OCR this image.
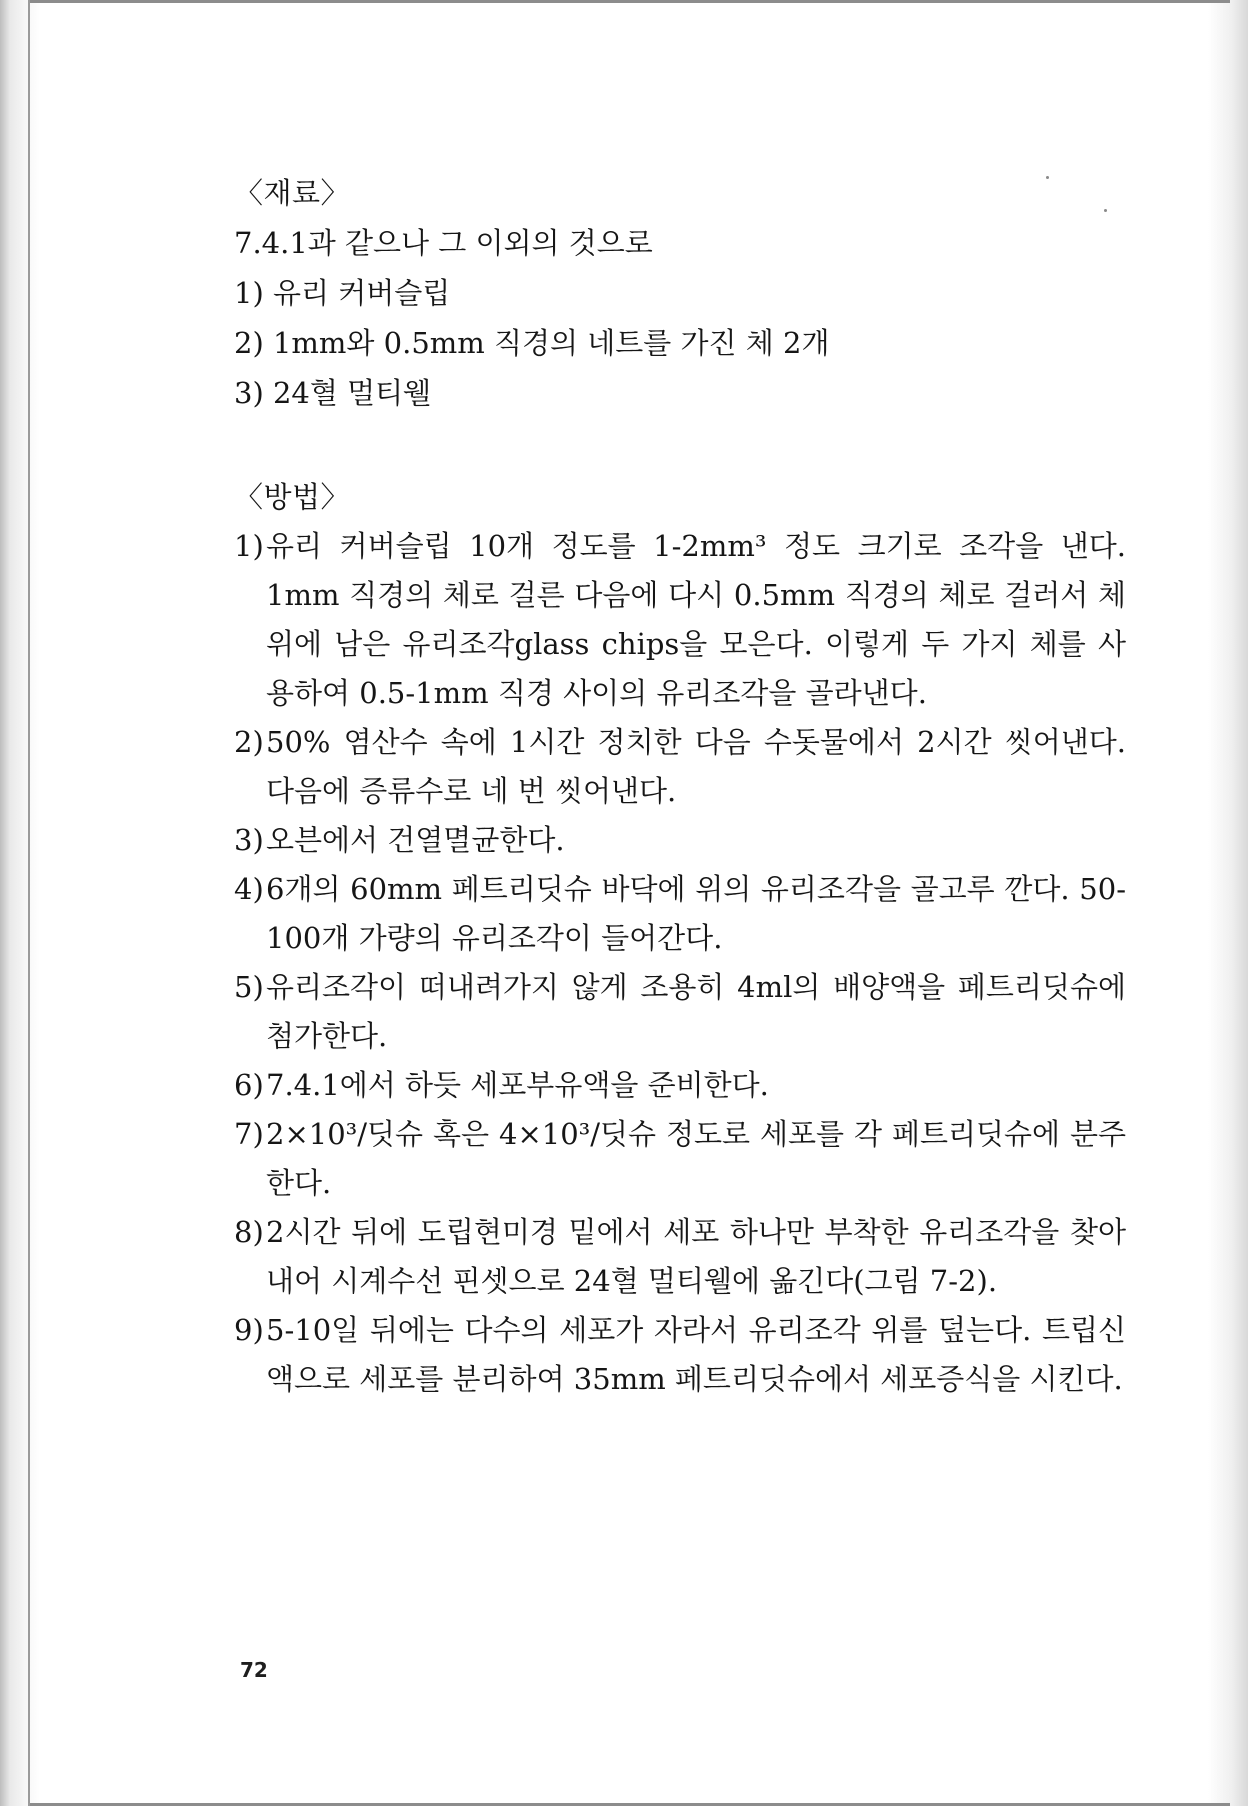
〈재료〉
7.4.1과 같으나 그 이외의 것으로
1) 유리 커버슬립
2) 1mm와 0.5mm 직경의 네트를 가진 체 2개
3) 24혈 멀티웰
〈방법〉
1) 유리 커버슬립 10개 정도를 1-2mm³ 정도 크기로 조각을 낸다. 1mm 직경의 체로 걸른 다음에 다시 0.5mm 직경의 체로 걸러서 체 위에 남은 유리조각glass chips을 모은다. 이렇게 두 가지 체를 사용하여 0.5-1mm 직경 사이의 유리조각을 골라낸다.
2) 50% 염산수 속에 1시간 정치한 다음 수돗물에서 2시간 씻어낸다. 다음에 증류수로 네 번 씻어낸다.
3) 오븐에서 건열멸균한다.
4) 6개의 60mm 페트리딧슈 바닥에 위의 유리조각을 골고루 깐다. 50-100개 가량의 유리조각이 들어간다.
5) 유리조각이 떠내려가지 않게 조용히 4ml의 배양액을 페트리딧슈에 첨가한다.
6) 7.4.1에서 하듯 세포부유액을 준비한다.
7) 2×10³/딧슈 혹은 4×10³/딧슈 정도로 세포를 각 페트리딧슈에 분주한다.
8) 2시간 뒤에 도립현미경 밑에서 세포 하나만 부착한 유리조각을 찾아내어 시계수선 핀셋으로 24혈 멀티웰에 옮긴다(그림 7-2).
9) 5-10일 뒤에는 다수의 세포가 자라서 유리조각 위를 덮는다. 트립신액으로 세포를 분리하여 35mm 페트리딧슈에서 세포증식을 시킨다.
72
